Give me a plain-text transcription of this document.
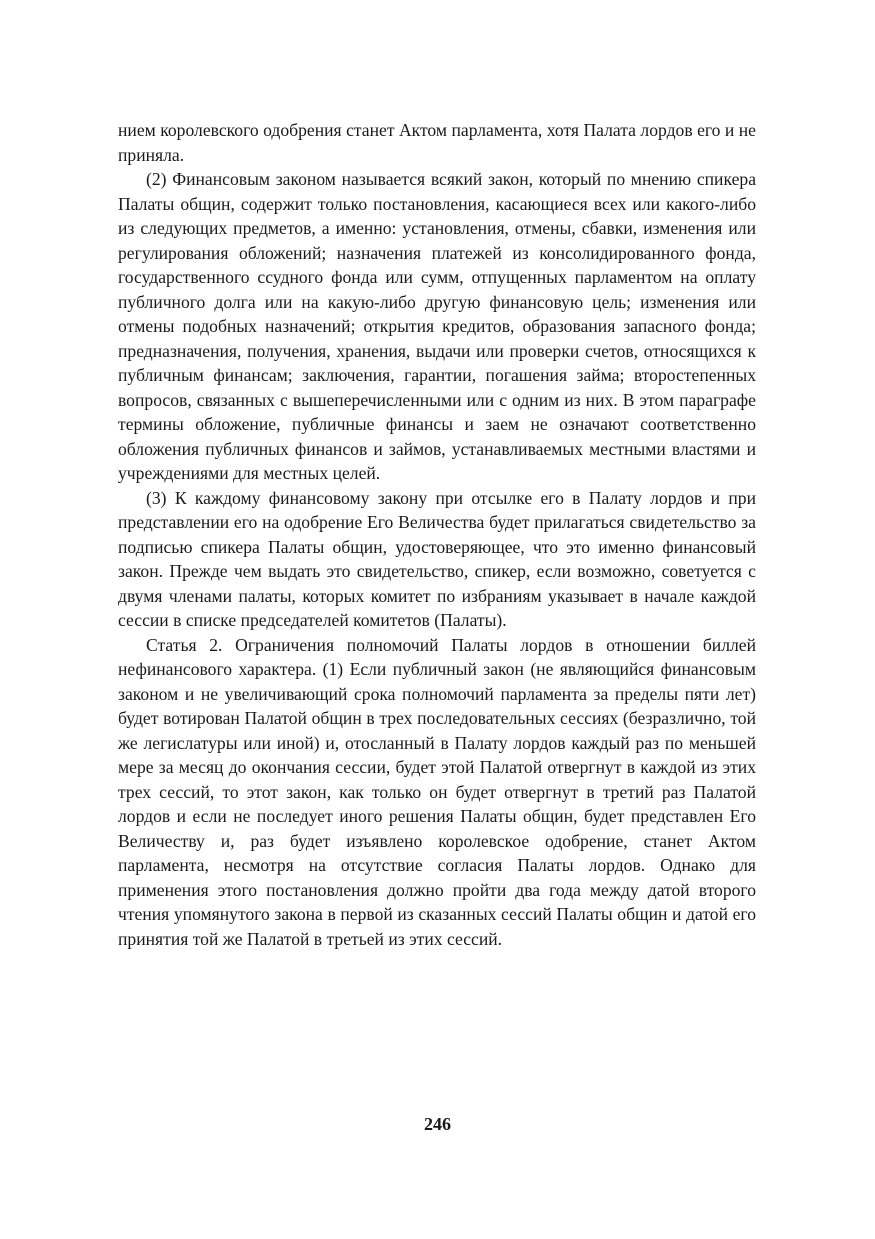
нием королевского одобрения станет Актом парламента, хотя Палата лордов его и не приняла.

(2) Финансовым законом называется всякий закон, который по мнению спикера Палаты общин, содержит только постановления, касающиеся всех или какого-либо из следующих предметов, а именно: установления, отмены, сбавки, изменения или регулирования обложений; назначения платежей из консолидированного фонда, государственного ссудного фонда или сумм, отпущенных парламентом на оплату публичного долга или на какую-либо другую финансовую цель; изменения или отмены подобных назначений; открытия кредитов, образования запасного фонда; предназначения, получения, хранения, выдачи или проверки счетов, относящихся к публичным финансам; заключения, гарантии, погашения займа; второстепенных вопросов, связанных с вышеперечисленными или с одним из них. В этом параграфе термины обложение, публичные финансы и заем не означают соответственно обложения публичных финансов и займов, устанавливаемых местными властями и учреждениями для местных целей.

(3) К каждому финансовому закону при отсылке его в Палату лордов и при представлении его на одобрение Его Величества будет прилагаться свидетельство за подписью спикера Палаты общин, удостоверяющее, что это именно финансовый закон. Прежде чем выдать это свидетельство, спикер, если возможно, советуется с двумя членами палаты, которых комитет по избраниям указывает в начале каждой сессии в списке председателей комитетов (Палаты).

Статья 2. Ограничения полномочий Палаты лордов в отношении биллей нефинансового характера. (1) Если публичный закон (не являющийся финансовым законом и не увеличивающий срока полномочий парламента за пределы пяти лет) будет вотирован Палатой общин в трех последовательных сессиях (безразлично, той же легислатуры или иной) и, отосланный в Палату лордов каждый раз по меньшей мере за месяц до окончания сессии, будет этой Палатой отвергнут в каждой из этих трех сессий, то этот закон, как только он будет отвергнут в третий раз Палатой лордов и если не последует иного решения Палаты общин, будет представлен Его Величеству и, раз будет изъявлено королевское одобрение, станет Актом парламента, несмотря на отсутствие согласия Палаты лордов. Однако для применения этого постановления должно пройти два года между датой второго чтения упомянутого закона в первой из сказанных сессий Палаты общин и датой его принятия той же Палатой в третьей из этих сессий.

246
